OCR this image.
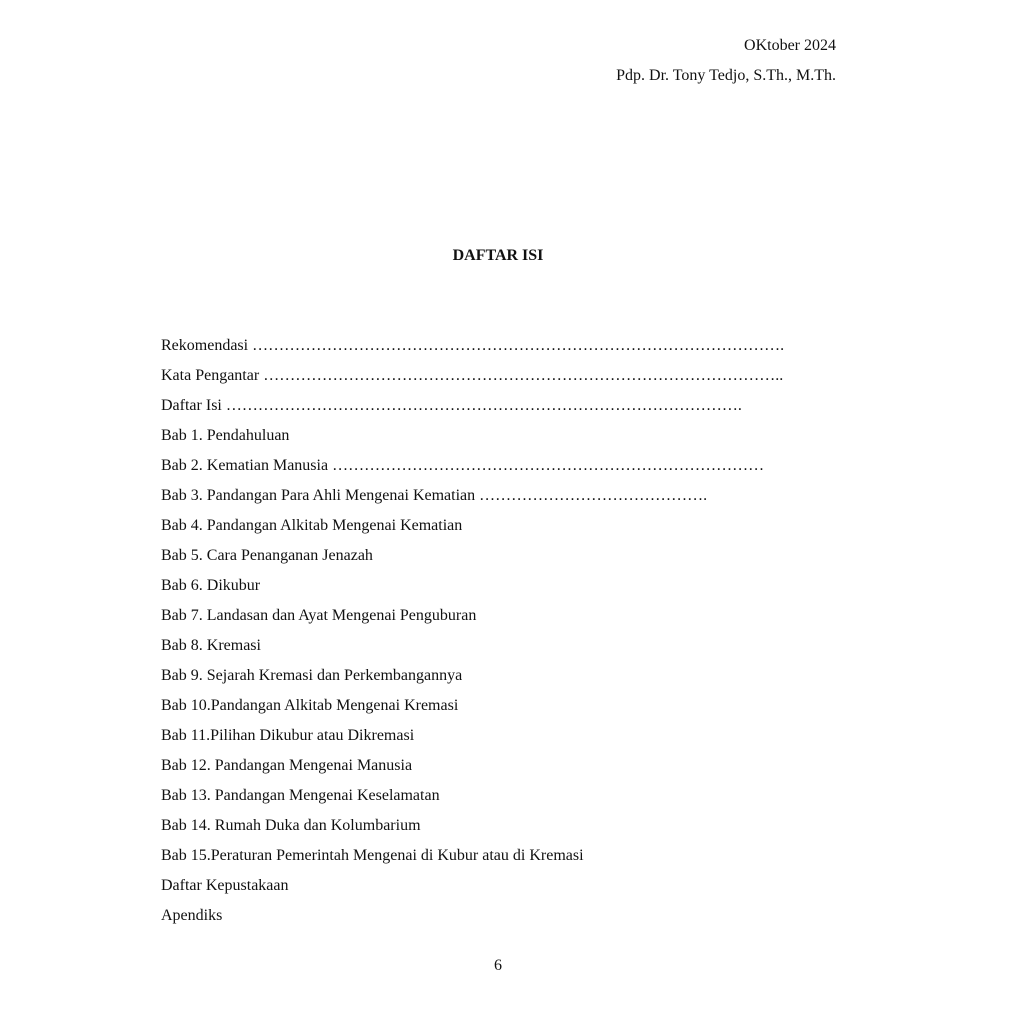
OKtober 2024
Pdp. Dr. Tony Tedjo, S.Th., M.Th.
DAFTAR ISI
Rekomendasi ……………………………………………………………………………………….
Kata Pengantar ……………………………………………………………………………………..
Daftar Isi …………………………………………………………………………………….
Bab 1. Pendahuluan
Bab 2. Kematian Manusia ………………………………………………………………………
Bab 3. Pandangan Para Ahli Mengenai Kematian …………………………………….
Bab 4. Pandangan Alkitab Mengenai Kematian
Bab 5. Cara Penanganan Jenazah
Bab 6. Dikubur
Bab 7. Landasan dan Ayat Mengenai Penguburan
Bab 8. Kremasi
Bab 9. Sejarah Kremasi dan Perkembangannya
Bab 10.Pandangan Alkitab Mengenai Kremasi
Bab 11.Pilihan Dikubur atau Dikremasi
Bab 12. Pandangan Mengenai Manusia
Bab 13. Pandangan Mengenai Keselamatan
Bab 14. Rumah Duka dan Kolumbarium
Bab 15.Peraturan Pemerintah Mengenai di Kubur atau di Kremasi
Daftar Kepustakaan
Apendiks
6
